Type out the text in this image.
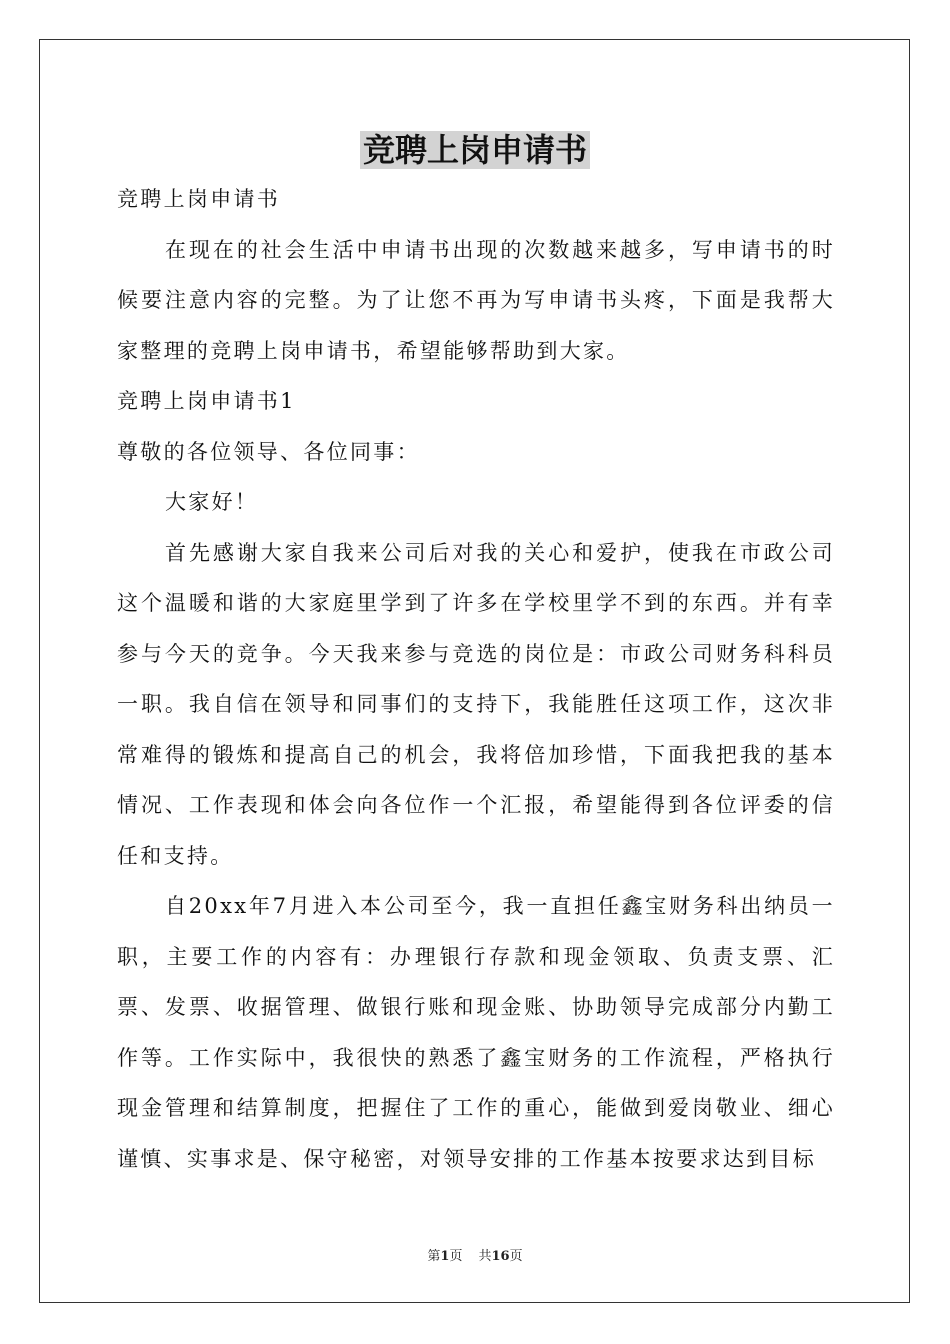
竞聘上岗申请书

竞聘上岗申请书

在现在的社会生活中申请书出现的次数越来越多，写申请书的时候要注意内容的完整。为了让您不再为写申请书头疼，下面是我帮大家整理的竞聘上岗申请书，希望能够帮助到大家。

竞聘上岗申请书1

尊敬的各位领导、各位同事：

大家好！

首先感谢大家自我来公司后对我的关心和爱护，使我在市政公司这个温暖和谐的大家庭里学到了许多在学校里学不到的东西。并有幸参与今天的竞争。今天我来参与竞选的岗位是：市政公司财务科科员一职。我自信在领导和同事们的支持下，我能胜任这项工作，这次非常难得的锻炼和提高自己的机会，我将倍加珍惜，下面我把我的基本情况、工作表现和体会向各位作一个汇报，希望能得到各位评委的信任和支持。

自20xx年7月进入本公司至今，我一直担任鑫宝财务科出纳员一职，主要工作的内容有：办理银行存款和现金领取、负责支票、汇票、发票、收据管理、做银行账和现金账、协助领导完成部分内勤工作等。工作实际中，我很快的熟悉了鑫宝财务的工作流程，严格执行现金管理和结算制度，把握住了工作的重心，能做到爱岗敬业、细心谨慎、实事求是、保守秘密，对领导安排的工作基本按要求达到目标

第1页 共16页
